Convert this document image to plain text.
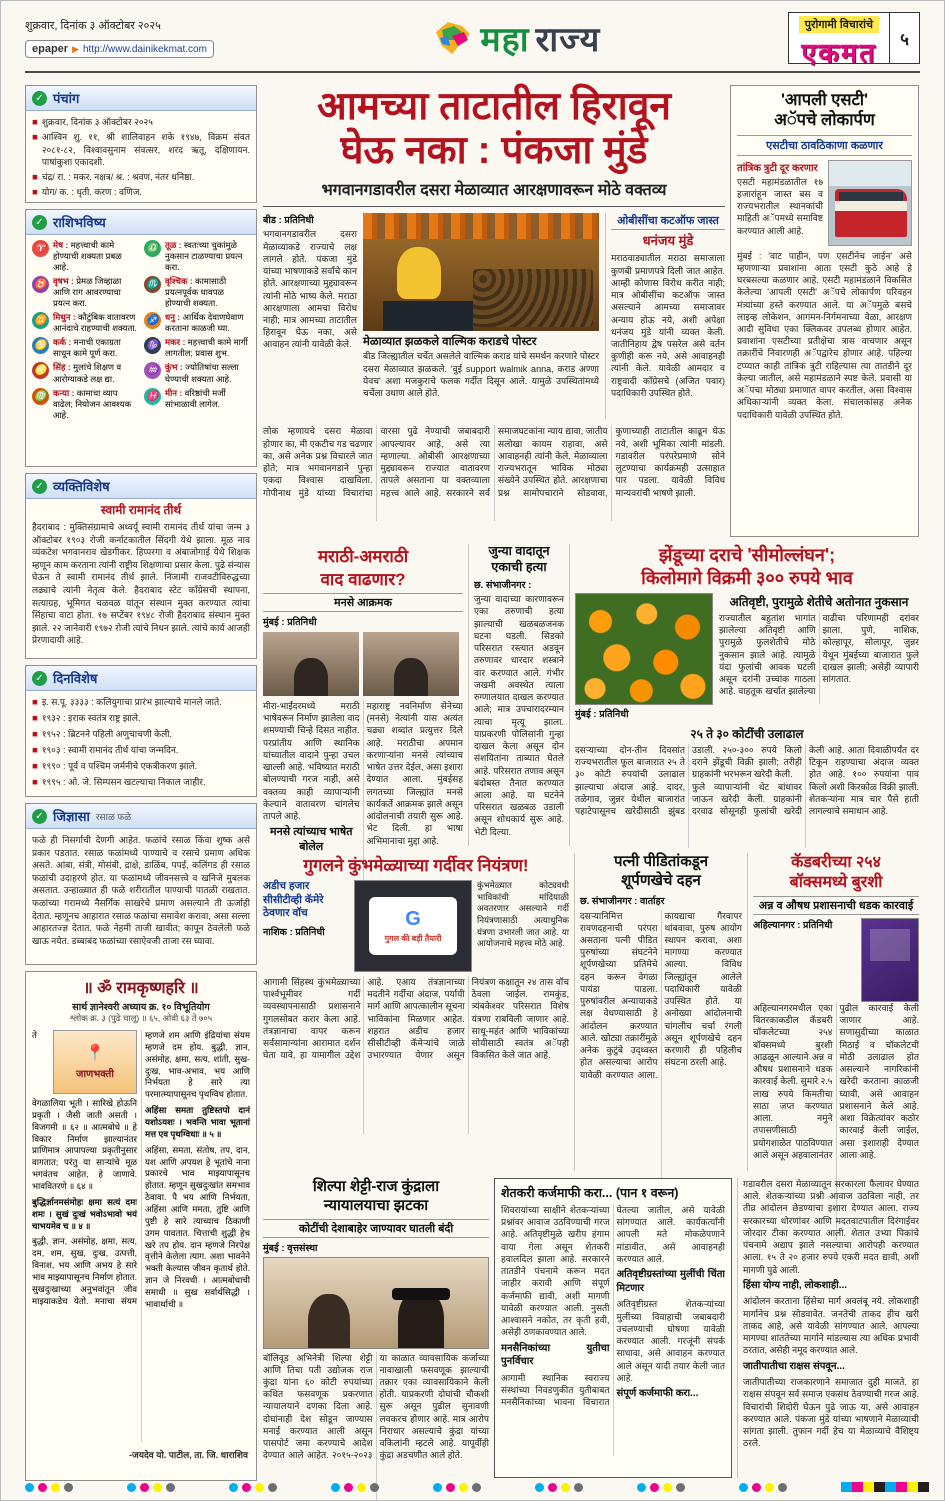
शुक्रवार, दिनांक ३ ऑक्टोबर २०२५
epaper ▶ http://www.dainikekmat.com	महा राज्य	पुरोगामी विचारांचे
एकमत	५
✓ पंचांग
◼ शुक्रवार, दिनांक ३ ऑक्टोबर २०२५
◼ आश्विन शु. ११, श्री शालिवाहन शके १९४७, विक्रम संवत २०८१-८२, विश्वावसुनाम संवत्सर, शरद ऋतू, दक्षिणायन. पाषांकुशा एकादशी.
◼ चंद्र/ रा. : मकर. नक्षत्र/ श्र. : श्रवण, नंतर धनिष्ठा.
◼ योग/ क. : धृती. करण : वणिज.
✓ राशिभविष्य
♈ मेष : महत्त्वाची कामे होण्याची शक्यता प्रबळ आहे.
♎ तूळ : स्वतःच्या चुकांमुळे नुकसान टाळण्याचा प्रयत्न करा.
♉ वृषभ : प्रेमळ जिव्हाळा आणि राग आवरण्याचा प्रयत्न करा.
♏ वृश्चिक : कामासाठी प्रयत्नपूर्वक धावपळ होण्याची शक्यता.
♊ मिथुन : कौटुंबिक वातावरण आनंदाचे राहण्याची शक्यता.
♐ धनु : आर्थिक देवाणघेवाण करताना काळजी घ्या.
♋ कर्क : मनाची एकाग्रता साधून कामे पूर्ण करा.
♑ मकर : महत्त्वाची कामे मार्गी लागतील; प्रवास शुभ.
♌ सिंह : मुलांचे शिक्षण व आरोग्याकडे लक्ष द्या.
♒ कुंभ : ज्योतिषांचा सल्ला घेण्याची शक्यता आहे.
♍ कन्या : कामाचा व्याप वाढेल; नियोजन आवश्यक आहे.
♓ मीन : वरिष्ठांची मर्जी सांभाळावी लागेल.
✓ व्यक्तिविशेष
स्वामी रामानंद तीर्थ
हैदराबाद : मुक्तिसंग्रामाचे अध्वर्यू स्वामी रामानंद तीर्थ यांचा जन्म ३ ऑक्टोबर १९०३ रोजी कर्नाटकातील सिंदगी येथे झाला. मूळ नाव व्यंकटेश भगवानराव खेडगीकर. हिप्परगा व अंबाजोगाई येथे शिक्षक म्हणून काम करताना त्यांनी राष्ट्रीय शिक्षणाचा प्रसार केला. पुढे संन्यास घेऊन ते स्वामी रामानंद तीर्थ झाले. निजामी राजवटीविरुद्धच्या लढ्याचे त्यांनी नेतृत्व केले. हैदराबाद स्टेट काँग्रेसची स्थापना, सत्याग्रह, भूमिगत चळवळ यांतून संस्थान मुक्त करण्यात त्यांचा सिंहाचा वाटा होता. १७ सप्टेंबर १९४८ रोजी हैदराबाद संस्थान मुक्त झाले. २२ जानेवारी १९७२ रोजी त्यांचे निधन झाले. त्यांचे कार्य आजही प्रेरणादायी आहे.
✓ दिनविशेष
◼ इ. स.पू. ३३३३ : कलियुगाचा प्रारंभ झाल्याचे मानले जाते.
◼ १९३२ : इराक स्वतंत्र राष्ट्र झाले.
◼ १९५२ : ब्रिटनने पहिली अणुचाचणी केली.
◼ १९०३ : स्वामी रामानंद तीर्थ यांचा जन्मदिन.
◼ १९९० : पूर्व व पश्चिम जर्मनीचे एकत्रीकरण झाले.
◼ १९९५ : ओ. जे. सिम्पसन खटल्याचा निकाल जाहीर.
✓ जिज्ञासा रसाळ फळे
फळे ही निसर्गाची देणगी आहेत. फळांचे रसाळ किंवा शुष्क असे प्रकार पडतात. रसाळ फळांमध्ये पाण्याचे व रसाचे प्रमाण अधिक असते. आंबा, संत्री, मोसंबी, द्राक्षे, डाळिंब, पपई, कलिंगड ही रसाळ फळांची उदाहरणे होत. या फळांमध्ये जीवनसत्त्वे व खनिजे मुबलक असतात. उन्हाळ्यात ही फळे शरीरातील पाण्याची पातळी राखतात. फळांच्या गरामध्ये नैसर्गिक साखरेचे प्रमाण असल्याने ती ऊर्जाही देतात. म्हणूनच आहारात रसाळ फळांचा समावेश करावा, असा सल्ला आहारतज्ज्ञ देतात. फळे नेहमी ताजी खावीत; कापून ठेवलेली फळे खाऊ नयेत. डब्बाबंद फळांच्या रसाऐवजी ताजा रस घ्यावा.
॥ ॐ रामकृष्णहरि ॥
सार्थ ज्ञानेश्वरी अध्याय क्र. १० विभूतियोग
श्लोक क्र. ३ (पुढे चालू) ॥ ६५, ओवी ६३ ते ७०५
📍
जाणभक्ती

ते वेगळालिया भूती । सारिखे होऊनि प्रकृती । जैसी जाती असती । विजगमी ॥ ६२ ॥ आत्मबोधे ॥ हे विकार निर्माण झाल्यानंतर प्राणिमात्र आपापल्या प्रकृतीनुसार वागतात; परंतु या साऱ्यांचे मूळ भगवंतच आहेत, हे जाणावे. भाववितरणे ॥ ६४ ॥

बुद्धिर्ज्ञानमसंमोहः क्षमा सत्यं दमः शमः । सुखं दुःखं भवोऽभावो भयं चाभयमेव च ॥ ४ ॥

बुद्धी, ज्ञान, असंमोह, क्षमा, सत्य, दम, शम, सुख, दुःख, उत्पत्ती, विनाश, भय आणि अभय हे सारे भाव माझ्यापासूनच निर्माण होतात. सुखदुःखाच्या अनुभवांतून जीव माझ्याकडेच येतो. मनाचा संयम म्हणजे शम आणि इंद्रियांचा संयम म्हणजे दम होय. बुद्धी, ज्ञान, असंमोह, क्षमा, सत्य, शांती, सुख-दुःख, भाव-अभाव, भय आणि निर्भयता हे सारे त्या परमात्म्यापासूनच पृथग्विध होतात.

अहिंसा समता तुष्टिस्तपो दानं यशोऽयशः । भवन्ति भावा भूतानां मत्त एव पृथग्विधाः ॥ ५ ॥

अहिंसा, समता, संतोष, तप, दान, यश आणि अपयश हे भूतांचे नाना प्रकारचे भाव माझ्यापासूनच होतात. म्हणून सुखदुःखांत समभाव ठेवावा. पै भय आणि निर्भयता, अहिंसा आणि ममता, तुष्टि आणि पुष्टी हे सारे त्याच्याच ठिकाणी उगम पावतात. चित्ताची शुद्धी हेच खरे तप होय. दान म्हणजे निरपेक्ष वृत्तीने केलेला त्याग. अशा भावनेने भक्ती केल्यास जीवन कृतार्थ होते. ज्ञान जे निरवधी । आत्मबोधाची समाधी ॥ सुख सर्वार्थसिद्धी । भावार्थाची ॥

-जयदेव यो. पाटील, ता. जि. धाराशिव
आमच्या ताटातील हिरावून
घेऊ नका : पंकजा मुंडे
भगवानगडावरील दसरा मेळाव्यात आरक्षणावरून मोठे वक्तव्य
बीड : प्रतिनिधी
भगवानगडावरील दसरा मेळाव्याकडे राज्याचे लक्ष लागले होते. पंकजा मुंडे यांच्या भाषणाकडे सर्वांचे कान होते. आरक्षणाच्या मुद्द्यावरून त्यांनी मोठे भाष्य केले. मराठा आरक्षणाला आमचा विरोध नाही; मात्र आमच्या ताटातील हिरावून घेऊ नका, असे आवाहन त्यांनी यावेळी केले. मेळाव्यात झळकले वाल्मिक कराडचे पोस्टर
बीड जिल्ह्यातील चर्चेत असलेले वाल्मिक कराड यांचे समर्थन करणारे पोस्टर दसरा मेळाव्यात झळकले. 'वुई support walmik anna, कराड अण्णा येवच' अशा मजकुराचे फलक गर्दीत दिसून आले. यामुळे उपस्थितांमध्ये चर्चेला उधाण आले होते.
ओबीसींचा कटऑफ जास्त
धनंजय मुंडे
मराठवाड्यातील मराठा समाजाला कुणबी प्रमाणपत्रे दिली जात आहेत. आम्ही कोणास विरोध करीत नाही; मात्र ओबीसींचा कटऑफ जास्त असल्याने आमच्या समाजावर अन्याय होऊ नये, अशी अपेक्षा धनंजय मुंडे यांनी व्यक्त केली. जातीनिहाय द्वेष पसरेल असे वर्तन कुणीही करू नये, असे आवाहनही त्यांनी केले. यावेळी आमदार व राष्ट्रवादी काँग्रेसचे (अजित पवार) पदाधिकारी उपस्थित होते.
लोक म्हणायचे दसरा मेळावा होणार का, मी एकटीच गड चढणार का, असे अनेक प्रश्न विचारले जात होते; मात्र भगवानगडाने पुन्हा एकदा विश्वास दाखविला. गोपीनाथ मुंडे यांच्या विचारांचा वारसा पुढे नेण्याची जबाबदारी आपल्यावर आहे, असे त्या म्हणाल्या. ओबीसी आरक्षणाच्या मुद्द्यावरून राज्यात वातावरण तापले असताना या वक्तव्याला महत्त्व आले आहे. सरकारने सर्व समाजघटकांना न्याय द्यावा, जातीय सलोखा कायम राहावा, असे आवाहनही त्यांनी केले. मेळाव्याला राज्यभरातून भाविक मोठ्या संख्येने उपस्थित होते. आरक्षणाचा प्रश्न सामोपचाराने सोडवावा, कुणाच्याही ताटातील काढून घेऊ नये, अशी भूमिका त्यांनी मांडली. गडावरील परंपरेप्रमाणे सोने लुटण्याचा कार्यक्रमही उत्साहात पार पडला. यावेळी विविध मान्यवरांची भाषणे झाली.
'आपली एसटी'
अॅपचे लोकार्पण
एसटीचा ठावठिकाणा कळणार
तांत्रिक त्रुटी दूर करणार
एसटी महामंडळातील १७ हजारांहून जास्त बस व राज्यभरातील स्थानकांची माहिती अॅपमध्ये समाविष्ट करण्यात आली आहे.
मुंबई : 'वाट पाहीन, पण एसटीनेच जाईन' असे म्हणणाऱ्या प्रवाशांना आता एसटी कुठे आहे हे घरबसल्या कळणार आहे. एसटी महामंडळाने विकसित केलेल्या 'आपली एसटी' अॅपचे लोकार्पण परिवहन मंत्र्यांच्या हस्ते करण्यात आले. या अॅपमुळे बसचे लाइव्ह लोकेशन, आगमन-निर्गमनाच्या वेळा, आरक्षण आदी सुविधा एका क्लिकवर उपलब्ध होणार आहेत. प्रवाशांना एसटीच्या प्रतीक्षेचा त्रास वाचणार असून तक्रारींचे निवारणही अॅपद्वारेच होणार आहे. पहिल्या टप्प्यात काही तांत्रिक त्रुटी राहिल्यास त्या तातडीने दूर केल्या जातील, असे महामंडळाने स्पष्ट केले. प्रवासी या अॅपचा मोठ्या प्रमाणात वापर करतील, असा विश्वास अधिकाऱ्यांनी व्यक्त केला. संचालकांसह अनेक पदाधिकारी यावेळी उपस्थित होते.
मराठी-अमराठी
वाद वाढणार?
मनसे आक्रमक
मुंबई : प्रतिनिधी

मीरा-भाईंदरमध्ये मराठी भाषेवरून निर्माण झालेला वाद शमण्याची चिन्हे दिसत नाहीत. परप्रांतीय आणि स्थानिक यांच्यातील वादाने पुन्हा उचल खाल्ली आहे. भविष्यात मराठी बोलण्याची गरज नाही, असे वक्तव्य काही व्यापाऱ्यांनी केल्याने वातावरण चांगलेच तापले आहे.

मनसे त्यांच्याच भाषेत बोलेल

महाराष्ट्र नवनिर्माण सेनेच्या (मनसे) नेत्यांनी यास अत्यंत चढ्या शब्दांत प्रत्युत्तर दिले आहे. मराठीचा अपमान करणाऱ्यांना मनसे त्यांच्याच भाषेत उत्तर देईल, असा इशारा देण्यात आला. मुंबईसह लगतच्या जिल्ह्यांत मनसे कार्यकर्ते आक्रमक झाले असून आंदोलनाची तयारी सुरू आहे. भेट दिली. हा भाषा अभिमानाचा मुद्दा आहे.

जुन्या वादातून एकाची हत्या
छ. संभाजीनगर :
जुन्या वादाच्या कारणावरून एका तरुणाची हत्या झाल्याची खळबळजनक घटना घडली. सिडको परिसरात रस्त्यात अडवून तरुणावर धारदार शस्त्राने वार करण्यात आले. गंभीर जखमी अवस्थेत त्याला रुग्णालयात दाखल करण्यात आले; मात्र उपचारादरम्यान त्याचा मृत्यू झाला. याप्रकरणी पोलिसांनी गुन्हा दाखल केला असून दोन संशयितांना ताब्यात घेतले आहे. परिसरात तणाव असून बंदोबस्त तैनात करण्यात आला आहे. या घटनेने परिसरात खळबळ उडाली असून शोधकार्य सुरू आहे. भेटी दिल्या.
झेंडूच्या दराचे 'सीमोल्लंघन';
किलोमागे विक्रमी ३०० रुपये भाव
मुंबई : प्रतिनिधी
अतिवृष्टी, पुरामुळे शेतीचे अतोनात नुकसान
राज्यातील बहुतांश भागांत झालेल्या अतिवृष्टी आणि पुरामुळे फुलशेतीचे मोठे नुकसान झाले आहे. त्यामुळे यंदा फुलांची आवक घटली असून दरांनी उच्चांक गाठला आहे. वाहतूक खर्चात झालेल्या वाढीचा परिणामही दरांवर झाला. पुणे, नाशिक, कोल्हापूर, सोलापूर, जुन्नर येथून मुंबईच्या बाजारात फुले दाखल झाली; असेही व्यापारी सांगतात.
२५ ते ३० कोटींची उलाढाल

दसऱ्याच्या दोन-तीन दिवसांत राज्यभरातील फूल बाजारात २५ ते ३० कोटी रुपयांची उलाढाल झाल्याचा अंदाज आहे. दादर, तळेगाव, जुन्नर येथील बाजारांत पहाटेपासूनच खरेदीसाठी झुंबड उडाली. २५०-३०० रुपये किलो दराने झेंडूची विक्री झाली; तरीही ग्राहकांनी भरभरून खरेदी केली.

फुले व्यापाऱ्यांनी थेट बांधावर जाऊन खरेदी केली. ग्राहकांनी दरवाढ सोसूनही फुलांची खरेदी केली आहे. आता दिवाळीपर्यंत दर टिकून राहण्याचा अंदाज व्यक्त होत आहे. १०० रुपयांना पाव किलो अशी किरकोळ विक्री झाली. शेतकऱ्यांना मात्र चार पैसे हाती लागल्याचे समाधान आहे.

गुगलने कुंभमेळ्याच्या गर्दीवर नियंत्रण!
अडीच हजार सीसीटीव्ही कॅमेरे ठेवणार वॉच
नाशिक : प्रतिनिधी
G
गुगल की बड़ी तैयारी
कुंभमेळ्यात कोट्यवधी भाविकांची मांदियाळी अवतरणार असल्याने गर्दी नियंत्रणासाठी अत्याधुनिक यंत्रणा उभारली जात आहे. या आयोजनाचे महत्त्व मोठे आहे.
आगामी सिंहस्थ कुंभमेळ्याच्या पार्श्वभूमीवर गर्दी व्यवस्थापनासाठी प्रशासनाने गुगलसोबत करार केला आहे. तंत्रज्ञानाचा वापर करून सर्वसामान्यांना आरामात दर्शन घेता यावे, हा यामागील उद्देश आहे. एआय तंत्रज्ञानाच्या मदतीने गर्दीचा अंदाज, पर्यायी मार्ग आणि आपत्कालीन सूचना भाविकांना मिळणार आहेत. शहरात अडीच हजार सीसीटीव्ही कॅमेऱ्यांचे जाळे उभारण्यात येणार असून नियंत्रण कक्षातून २४ तास वॉच ठेवला जाईल. रामकुंड, त्र्यंबकेश्वर परिसरात विशेष यंत्रणा राबविली जाणार आहे. साधू-महंत आणि भाविकांच्या सोयीसाठी स्वतंत्र अॅपही विकसित केले जात आहे.
पत्नी पीडितांकडून
शूर्पणखेचे दहन
छ. संभाजीनगर : वार्ताहर
दसऱ्यानिमित्त रावणदहनाची परंपरा असताना पत्नी पीडित पुरुषांच्या संघटनेने शूर्पणखेच्या प्रतिमेचे दहन करून वेगळा पायंडा पाडला. पुरुषांवरील अन्यायाकडे लक्ष वेधण्यासाठी हे आंदोलन करण्यात आले. खोट्या तक्रारींमुळे अनेक कुटुंबे उद्ध्वस्त होत असल्याचा आरोप यावेळी करण्यात आला. कायद्याचा गैरवापर थांबवावा, पुरुष आयोग स्थापन करावा, अशा मागण्या करण्यात आल्या. विविध जिल्ह्यांतून आलेले पदाधिकारी यावेळी उपस्थित होते. या अनोख्या आंदोलनाची चांगलीच चर्चा रंगली असून शूर्पणखेचे दहन करणारी ही पहिलीच संघटना ठरली आहे.
कॅडबरीच्या २५४
बॉक्समध्ये बुरशी
अन्न व औषध प्रशासनाची धडक कारवाई
अहिल्यानगर : प्रतिनिधी
अहिल्यानगरमधील एका वितरकाकडील कॅडबरी चॉकलेटच्या २५४ बॉक्समध्ये बुरशी आढळून आल्याने अन्न व औषध प्रशासनाने धडक कारवाई केली. सुमारे २.५ लाख रुपये किमतीचा साठा जप्त करण्यात आला. नमुने तपासणीसाठी प्रयोगशाळेत पाठविण्यात आले असून अहवालानंतर पुढील कारवाई केली जाणार आहे. सणासुदीच्या काळात मिठाई व चॉकलेटची मोठी उलाढाल होत असल्याने नागरिकांनी खरेदी करताना काळजी घ्यावी, असे आवाहन प्रशासनाने केले आहे. अशा विक्रेत्यांवर कठोर कारवाई केली जाईल, असा इशाराही देण्यात आला आहे.
शिल्पा शेट्टी-राज कुंद्राला
न्यायालयाचा झटका
कोटींची देशाबाहेर जाण्यावर घातली बंदी
मुंबई : वृत्तसंस्था
बॉलिवूड अभिनेत्री शिल्पा शेट्टी आणि तिचा पती उद्योजक राज कुंद्रा यांना ६० कोटी रुपयांच्या कथित फसवणूक प्रकरणात न्यायालयाने दणका दिला आहे. दोघांनाही देश सोडून जाण्यास मनाई करण्यात आली असून पासपोर्ट जमा करण्याचे आदेश देण्यात आले आहेत. २०१५-२०२३ या काळात व्यावसायिक कर्जाच्या नावाखाली फसवणूक झाल्याची तक्रार एका व्यावसायिकाने केली होती. याप्रकरणी दोघांची चौकशी सुरू असून पुढील सुनावणी लवकरच होणार आहे. मात्र आरोप निराधार असल्याचे कुंद्रा यांच्या वकिलांनी म्हटले आहे. यापूर्वीही कुंद्रा अडचणीत आले होते.
शेतकरी कर्जमाफी करा... (पान १ वरून)

शिवरायांच्या साक्षीने शेतकऱ्यांच्या प्रश्नांवर आवाज उठविण्याची गरज आहे. अतिवृष्टीमुळे खरीप हंगाम वाया गेला असून शेतकरी हवालदिल झाला आहे. सरकारने तातडीने पंचनामे करून मदत जाहीर करावी आणि संपूर्ण कर्जमाफी द्यावी, अशी मागणी यावेळी करण्यात आली. नुसती आश्वासने नकोत, तर कृती हवी, असेही ठणकावण्यात आले.

मनसैनिकांच्या युतीचा पुनर्विचार

आगामी स्थानिक स्वराज्य संस्थांच्या निवडणुकीत युतीबाबत मनसैनिकांच्या भावना विचारात घेतल्या जातील, असे यावेळी सांगण्यात आले. कार्यकर्त्यांनी आपली मते मोकळेपणाने मांडावीत, असे आवाहनही करण्यात आले.

अतिवृष्टीग्रस्तांच्या मुलींची चिंता मिटणार

अतिवृष्टीग्रस्त शेतकऱ्यांच्या मुलींच्या विवाहाची जबाबदारी उचलण्याची घोषणा यावेळी करण्यात आली. गरजूंनी संपर्क साधावा, असे आवाहन करण्यात आले असून यादी तयार केली जात आहे.

संपूर्ण कर्जमाफी करा...

गडावरील दसरा मेळाव्यातून सरकारला फैलावर घेण्यात आले. शेतकऱ्यांच्या प्रश्नी आवाज उठविला नाही, तर तीव्र आंदोलन छेडण्याचा इशारा देण्यात आला. राज्य सरकारच्या धोरणांवर आणि मदतवाटपातील दिरंगाईवर जोरदार टीका करण्यात आली. शेतात उभ्या पिकांचे पंचनामे अद्याप झाले नसल्याचा आरोपही करण्यात आला. १५ ते २० हजार रुपये एकरी मदत द्यावी, अशी मागणी पुढे आली.

हिंसा योग्य नाही, लोकशाही...

आंदोलन करताना हिंसेचा मार्ग अवलंबू नये. लोकशाही मार्गानेच प्रश्न सोडवावेत. जनतेची ताकद हीच खरी ताकद आहे, असे यावेळी सांगण्यात आले. आपल्या मागण्या शांततेच्या मार्गाने मांडल्यास त्या अधिक प्रभावी ठरतात, असेही नमूद करण्यात आले.

जातीपातीचा राक्षस संपवून...

जातीपातीच्या राजकारणाने समाजात दुही माजते. हा राक्षस संपवून सर्व समाज एकसंध ठेवण्याची गरज आहे. विचारांची शिदोरी घेऊन पुढे जाऊ या, असे आवाहन करण्यात आले. पंकजा मुंडे यांच्या भाषणाने मेळाव्याची सांगता झाली. तुफान गर्दी हेच या मेळाव्याचे वैशिष्ट्य ठरले.
